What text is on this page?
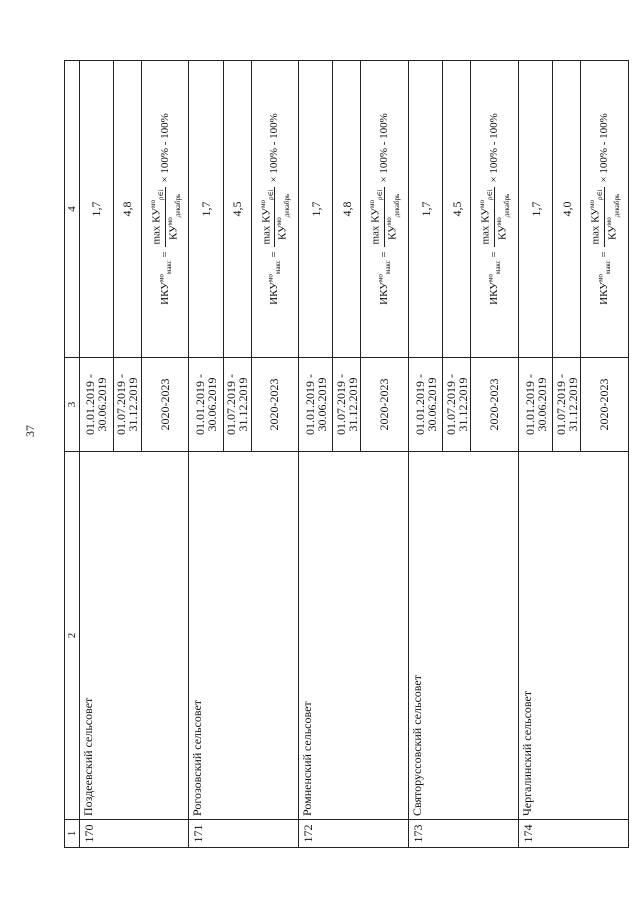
37
1	2	3	4
170	Поздеевский сельсовет	01.01.2019 - 30.06.2019	1,7
		01.07.2019 - 31.12.2019	4,8
		2020-2023	$ИКУ^{мо}_{макс}$ =
$\max КУ^{мо}_{\rho\in i}$
$КУ^{мо}_{декабрь}$
× 100% - 100%
171	Рогозовский сельсовет	01.01.2019 - 30.06.2019	1,7
		01.07.2019 - 31.12.2019	4,5
		2020-2023	$ИКУ^{мо}_{макс}$ =
$\max КУ^{мо}_{\rho\in i}$
$КУ^{мо}_{декабрь}$
× 100% - 100%
172	Ромненский сельсовет	01.01.2019 - 30.06.2019	1,7
		01.07.2019 - 31.12.2019	4,8
		2020-2023	$ИКУ^{мо}_{макс}$ =
$\max КУ^{мо}_{\rho\in i}$
$КУ^{мо}_{декабрь}$
× 100% - 100%
173	Святоруссовский сельсовет	01.01.2019 - 30.06.2019	1,7
		01.07.2019 - 31.12.2019	4,5
		2020-2023	$ИКУ^{мо}_{макс}$ =
$\max КУ^{мо}_{\rho\in i}$
$КУ^{мо}_{декабрь}$
× 100% - 100%
174	Чергалинский сельсовет	01.01.2019 - 30.06.2019	1,7
		01.07.2019 - 31.12.2019	4,0
		2020-2023	$ИКУ^{мо}_{макс}$ =
$\max КУ^{мо}_{\rho\in i}$
$КУ^{мо}_{декабрь}$
× 100% - 100%
